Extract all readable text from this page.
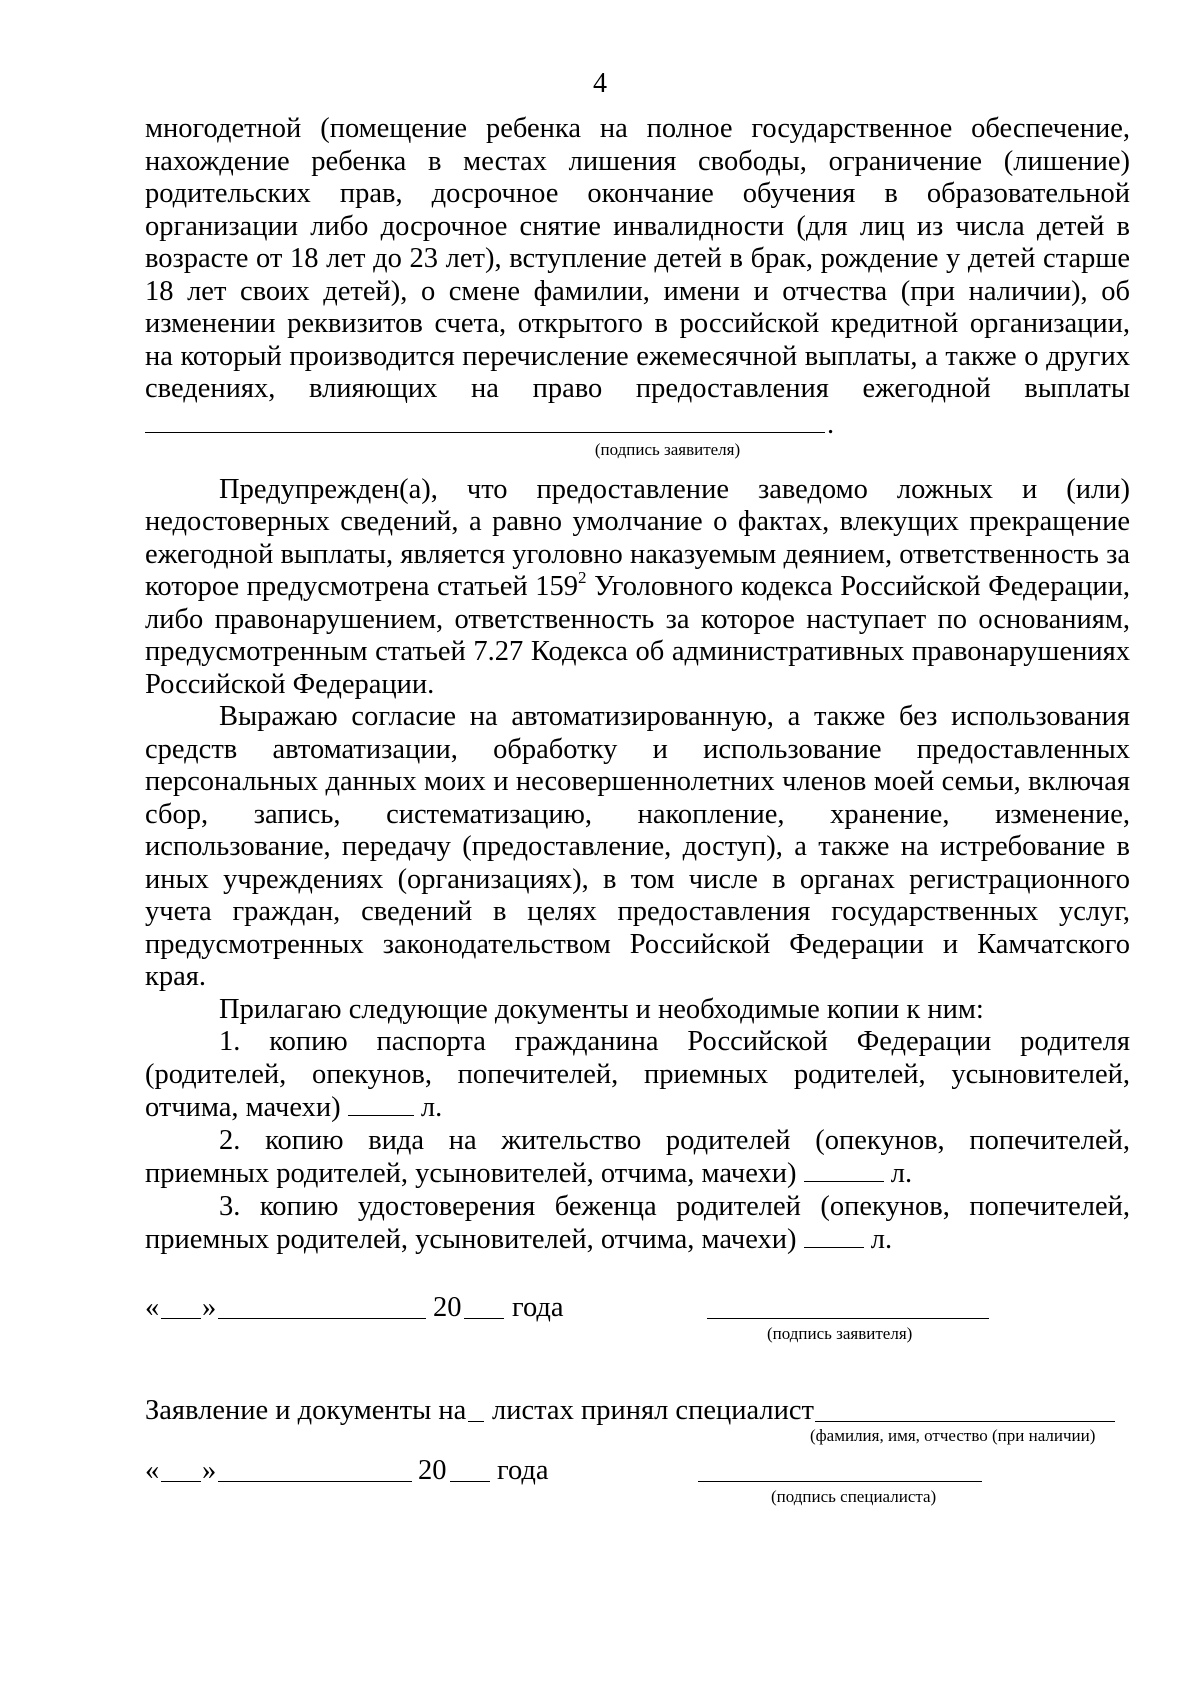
4

многодетной (помещение ребенка на полное государственное обеспечение, нахождение ребенка в местах лишения свободы, ограничение (лишение) родительских прав, досрочное окончание обучения в образовательной организации либо досрочное снятие инвалидности (для лиц из числа детей в возрасте от 18 лет до 23 лет), вступление детей в брак, рождение у детей старше 18 лет своих детей), о смене фамилии, имени и отчества (при наличии), об изменении реквизитов счета, открытого в российской кредитной организации, на который производится перечисление ежемесячной выплаты, а также о других сведениях, влияющих на право предоставления ежегодной выплаты

.
(подпись заявителя)

Предупрежден(а), что предоставление заведомо ложных и (или) недостоверных сведений, а равно умолчание о фактах, влекущих прекращение ежегодной выплаты, является уголовно наказуемым деянием, ответственность за которое предусмотрена статьей $159^2$ Уголовного кодекса Российской Федерации, либо правонарушением, ответственность за которое наступает по основаниям, предусмотренным статьей 7.27 Кодекса об административных правонарушениях Российской Федерации.

Выражаю согласие на автоматизированную, а также без использования средств автоматизации, обработку и использование предоставленных персональных данных моих и несовершеннолетних членов моей семьи, включая сбор, запись, систематизацию, накопление, хранение, изменение, использование, передачу (предоставление, доступ), а также на истребование в иных учреждениях (организациях), в том числе в органах регистрационного учета граждан, сведений в целях предоставления государственных услуг, предусмотренных законодательством Российской Федерации и Камчатского края.

Прилагаю следующие документы и необходимые копии к ним:

1. копию паспорта гражданина Российской Федерации родителя (родителей, опекунов, попечителей, приемных родителей, усыновителей, отчима, мачехи)	л.

2. копию вида на жительство родителей (опекунов, попечителей, приемных родителей, усыновителей, отчима, мачехи)	л.

3. копию удостоверения беженца родителей (опекунов, попечителей, приемных родителей, усыновителей, отчима, мачехи)	л.

« »	20 года
(подпись заявителя)
Заявление и документы на листах принял специалист
(фамилия, имя, отчество (при наличии)
« »	20 года
(подпись специалиста)
